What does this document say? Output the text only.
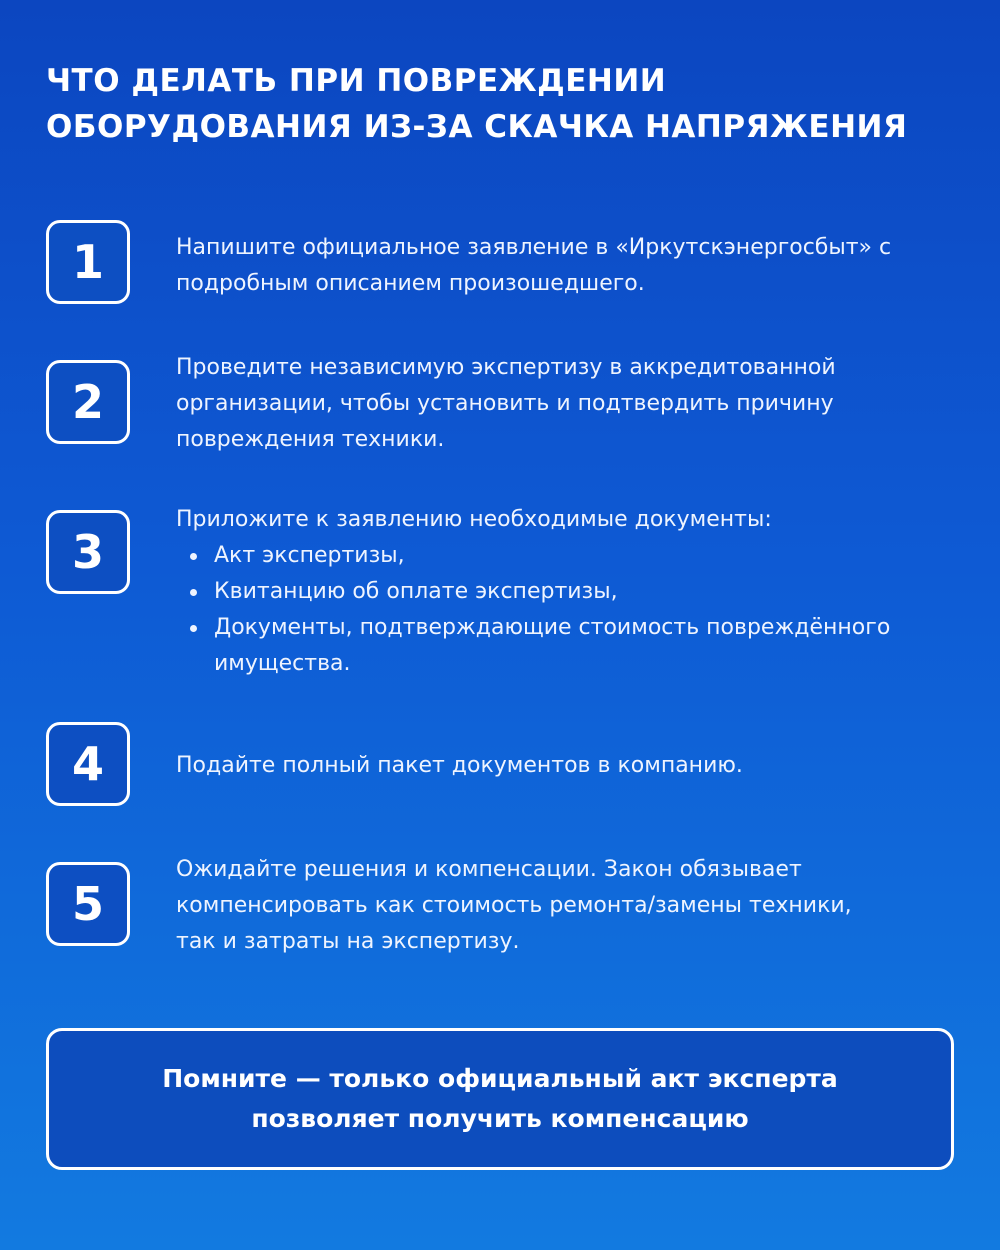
ЧТО ДЕЛАТЬ ПРИ ПОВРЕЖДЕНИИ
ОБОРУДОВАНИЯ ИЗ-ЗА СКАЧКА НАПРЯЖЕНИЯ
1	Напишите официальное заявление в «Иркутскэнергосбыт» с
подробным описанием произошедшего.
2
Проведите независимую экспертизу в аккредитованной
организации, чтобы установить и подтвердить причину
повреждения техники.
3
Приложите к заявлению необходимые документы:
Акт экспертизы,
Квитанцию об оплате экспертизы,
Документы, подтверждающие стоимость повреждённого
имущества.
4	Подайте полный пакет документов в компанию.
5
Ожидайте решения и компенсации. Закон обязывает
компенсировать как стоимость ремонта/замены техники,
так и затраты на экспертизу.
Помните — только официальный акт эксперта
позволяет получить компенсацию
